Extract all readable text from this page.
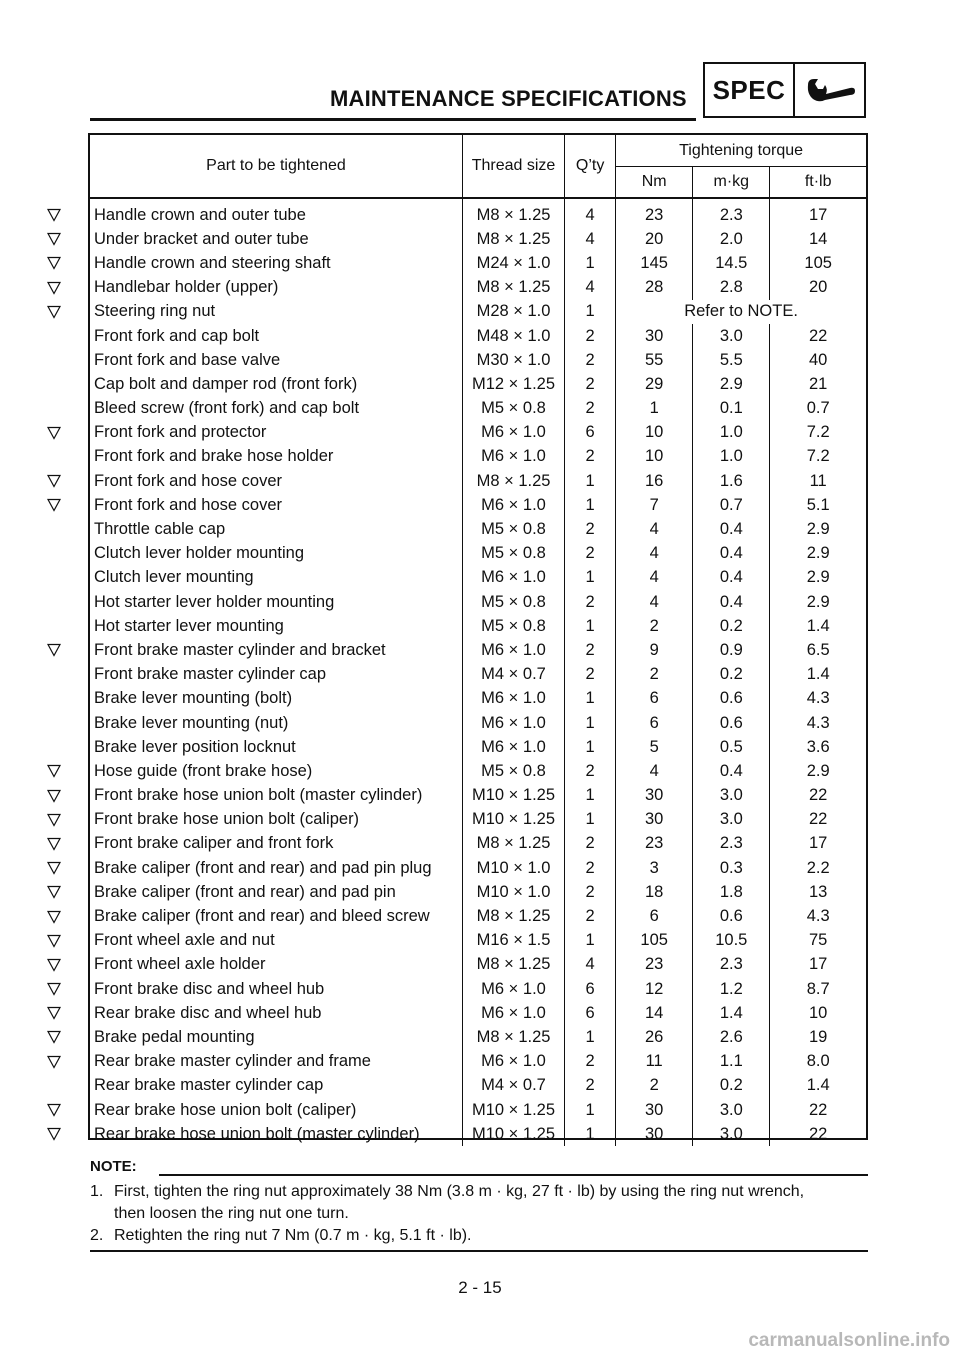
MAINTENANCE SPECIFICATIONS SPEC
Part to be tightened	Thread size	Q’ty	Tightening torque		
			Nm	m·kg	ft·lb
Handle crown and outer tube	M8 × 1.25	4	23	2.3	17
Under bracket and outer tube	M8 × 1.25	4	20	2.0	14
Handle crown and steering shaft	M24 × 1.0	1	145	14.5	105
Handlebar holder (upper)	M8 × 1.25	4	28	2.8	20
Steering ring nut	M28 × 1.0	1	Refer to NOTE.		
Front fork and cap bolt	M48 × 1.0	2	30	3.0	22
Front fork and base valve	M30 × 1.0	2	55	5.5	40
Cap bolt and damper rod (front fork)	M12 × 1.25	2	29	2.9	21
Bleed screw (front fork) and cap bolt	M5 × 0.8	2	1	0.1	0.7
Front fork and protector	M6 × 1.0	6	10	1.0	7.2
Front fork and brake hose holder	M6 × 1.0	2	10	1.0	7.2
Front fork and hose cover	M8 × 1.25	1	16	1.6	11
Front fork and hose cover	M6 × 1.0	1	7	0.7	5.1
Throttle cable cap	M5 × 0.8	2	4	0.4	2.9
Clutch lever holder mounting	M5 × 0.8	2	4	0.4	2.9
Clutch lever mounting	M6 × 1.0	1	4	0.4	2.9
Hot starter lever holder mounting	M5 × 0.8	2	4	0.4	2.9
Hot starter lever mounting	M5 × 0.8	1	2	0.2	1.4
Front brake master cylinder and bracket	M6 × 1.0	2	9	0.9	6.5
Front brake master cylinder cap	M4 × 0.7	2	2	0.2	1.4
Brake lever mounting (bolt)	M6 × 1.0	1	6	0.6	4.3
Brake lever mounting (nut)	M6 × 1.0	1	6	0.6	4.3
Brake lever position locknut	M6 × 1.0	1	5	0.5	3.6
Hose guide (front brake hose)	M5 × 0.8	2	4	0.4	2.9
Front brake hose union bolt (master cylinder)	M10 × 1.25	1	30	3.0	22
Front brake hose union bolt (caliper)	M10 × 1.25	1	30	3.0	22
Front brake caliper and front fork	M8 × 1.25	2	23	2.3	17
Brake caliper (front and rear) and pad pin plug	M10 × 1.0	2	3	0.3	2.2
Brake caliper (front and rear) and pad pin	M10 × 1.0	2	18	1.8	13
Brake caliper (front and rear) and bleed screw	M8 × 1.25	2	6	0.6	4.3
Front wheel axle and nut	M16 × 1.5	1	105	10.5	75
Front wheel axle holder	M8 × 1.25	4	23	2.3	17
Front brake disc and wheel hub	M6 × 1.0	6	12	1.2	8.7
Rear brake disc and wheel hub	M6 × 1.0	6	14	1.4	10
Brake pedal mounting	M8 × 1.25	1	26	2.6	19
Rear brake master cylinder and frame	M6 × 1.0	2	11	1.1	8.0
Rear brake master cylinder cap	M4 × 0.7	2	2	0.2	1.4
Rear brake hose union bolt (caliper)	M10 × 1.25	1	30	3.0	22
Rear brake hose union bolt (master cylinder)	M10 × 1.25	1	30	3.0	22
NOTE:
1. First, tighten the ring nut approximately 38 Nm (3.8 m · kg, 27 ft · lb) by using the ring nut wrench,
then loosen the ring nut one turn.
2. Retighten the ring nut 7 Nm (0.7 m · kg, 5.1 ft · lb).
2 - 15
carmanualsonline.info
